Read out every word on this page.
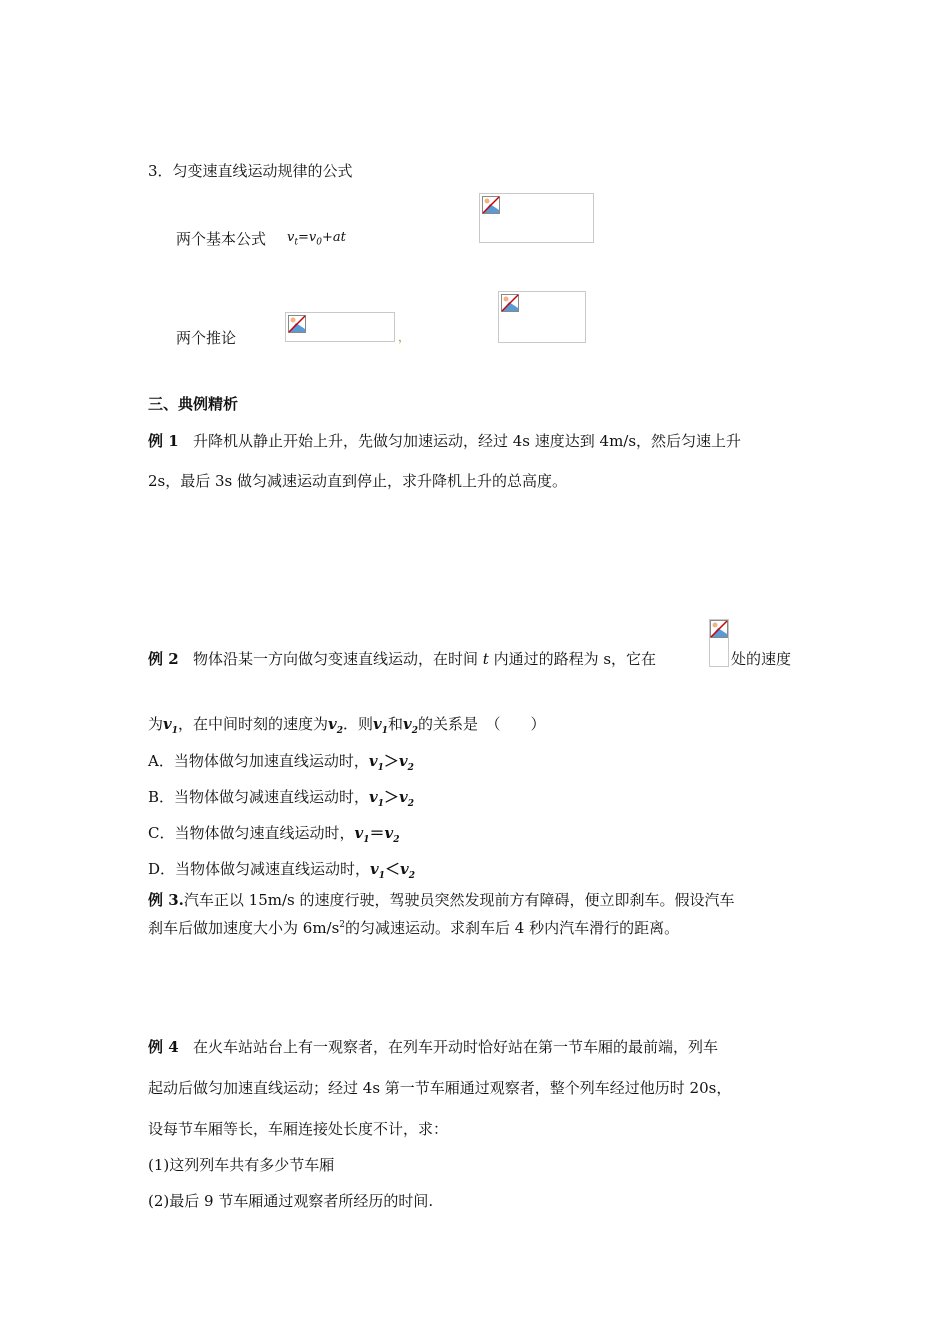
3．匀变速直线运动规律的公式
两个基本公式 $v_t=v_0+at$
两个推论	，
三、典例精析
例 1 升降机从静止开始上升，先做匀加速运动，经过 4s 速度达到 4m/s，然后匀速上升
2s，最后 3s 做匀减速运动直到停止，求升降机上升的总高度。
例 2 物体沿某一方向做匀变速直线运动，在时间 t 内通过的路程为 s，它在	处的速度
为$v_1$，在中间时刻的速度为$v_2$．则$v_1$和$v_2$的关系是　（　　）
A．当物体做匀加速直线运动时，$v_1>v_2$
B．当物体做匀减速直线运动时，$v_1>v_2$
C．当物体做匀速直线运动时，$v_1=v_2$
D．当物体做匀减速直线运动时，$v_1<v_2$
例 3.汽车正以 15m/s 的速度行驶，驾驶员突然发现前方有障碍，便立即刹车。假设汽车
刹车后做加速度大小为 $6m/s^2$的匀减速运动。求刹车后 4 秒内汽车滑行的距离。
例 4 在火车站站台上有一观察者，在列车开动时恰好站在第一节车厢的最前端，列车
起动后做匀加速直线运动；经过 4s 第一节车厢通过观察者，整个列车经过他历时 20s，
设每节车厢等长，车厢连接处长度不计，求：
(1)这列列车共有多少节车厢
(2)最后 9 节车厢通过观察者所经历的时间.
